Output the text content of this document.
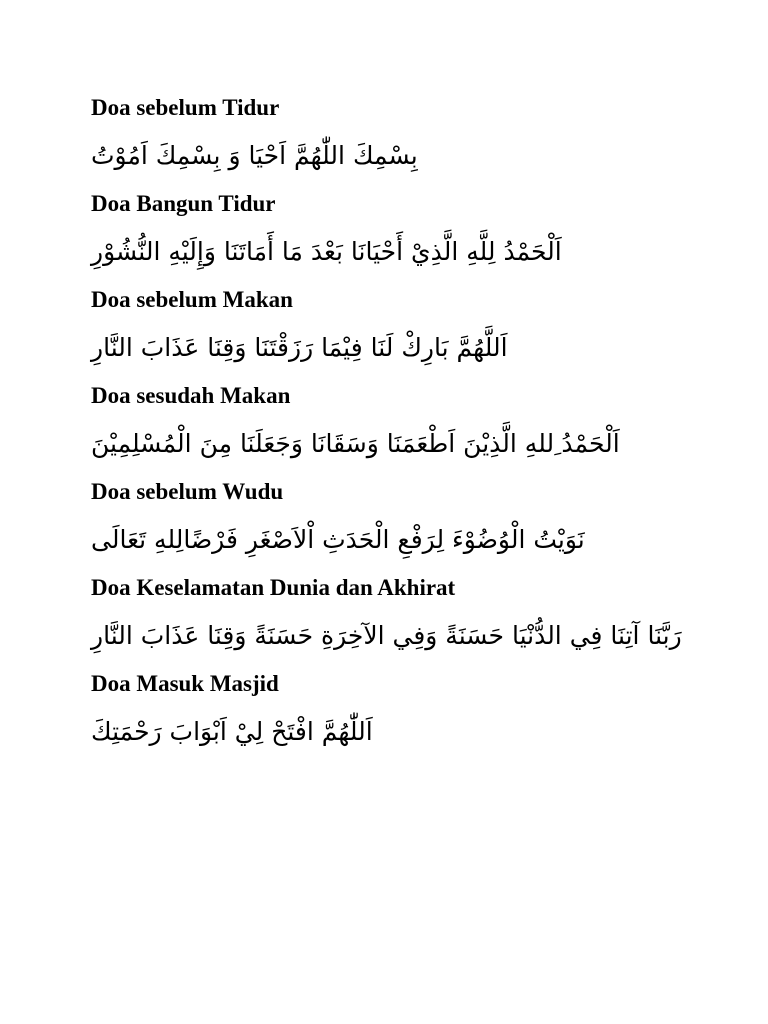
Doa sebelum Tidur
بِسْمِكَ اللّٰهُمَّ اَحْيَا وَ بِسْمِكَ اَمُوْتُ
Doa Bangun Tidur
اَلْحَمْدُ لِلَّهِ الَّذِيْ أَحْيَانَا بَعْدَ مَا أَمَاتَنَا وَإِلَيْهِ النُّشُوْرِ
Doa sebelum Makan
اَللَّهُمَّ بَارِكْ لَنَا فِيْمَا رَزَقْتَنَا وَقِنَا عَذَابَ النَّارِ
Doa sesudah Makan
اَلْحَمْدُ ِللهِ الَّذِيْنَ اَطْعَمَنَا وَسَقَانَا وَجَعَلَنَا مِنَ الْمُسْلِمِيْنَ
Doa sebelum Wudu
نَوَيْتُ الْوُضُوْءَ لِرَفْعِ الْحَدَثِ اْلاَصْغَرِ فَرْضًالِلهِ تَعَالَى
Doa Keselamatan Dunia dan Akhirat
رَبَّنَا آتِنَا فِي الدُّنْيَا حَسَنَةً وَفِي الآخِرَةِ حَسَنَةً وَقِنَا عَذَابَ النَّارِ
Doa Masuk Masjid
اَللّٰهُمَّ افْتَحْ لِيْ اَبْوَابَ رَحْمَتِكَ
